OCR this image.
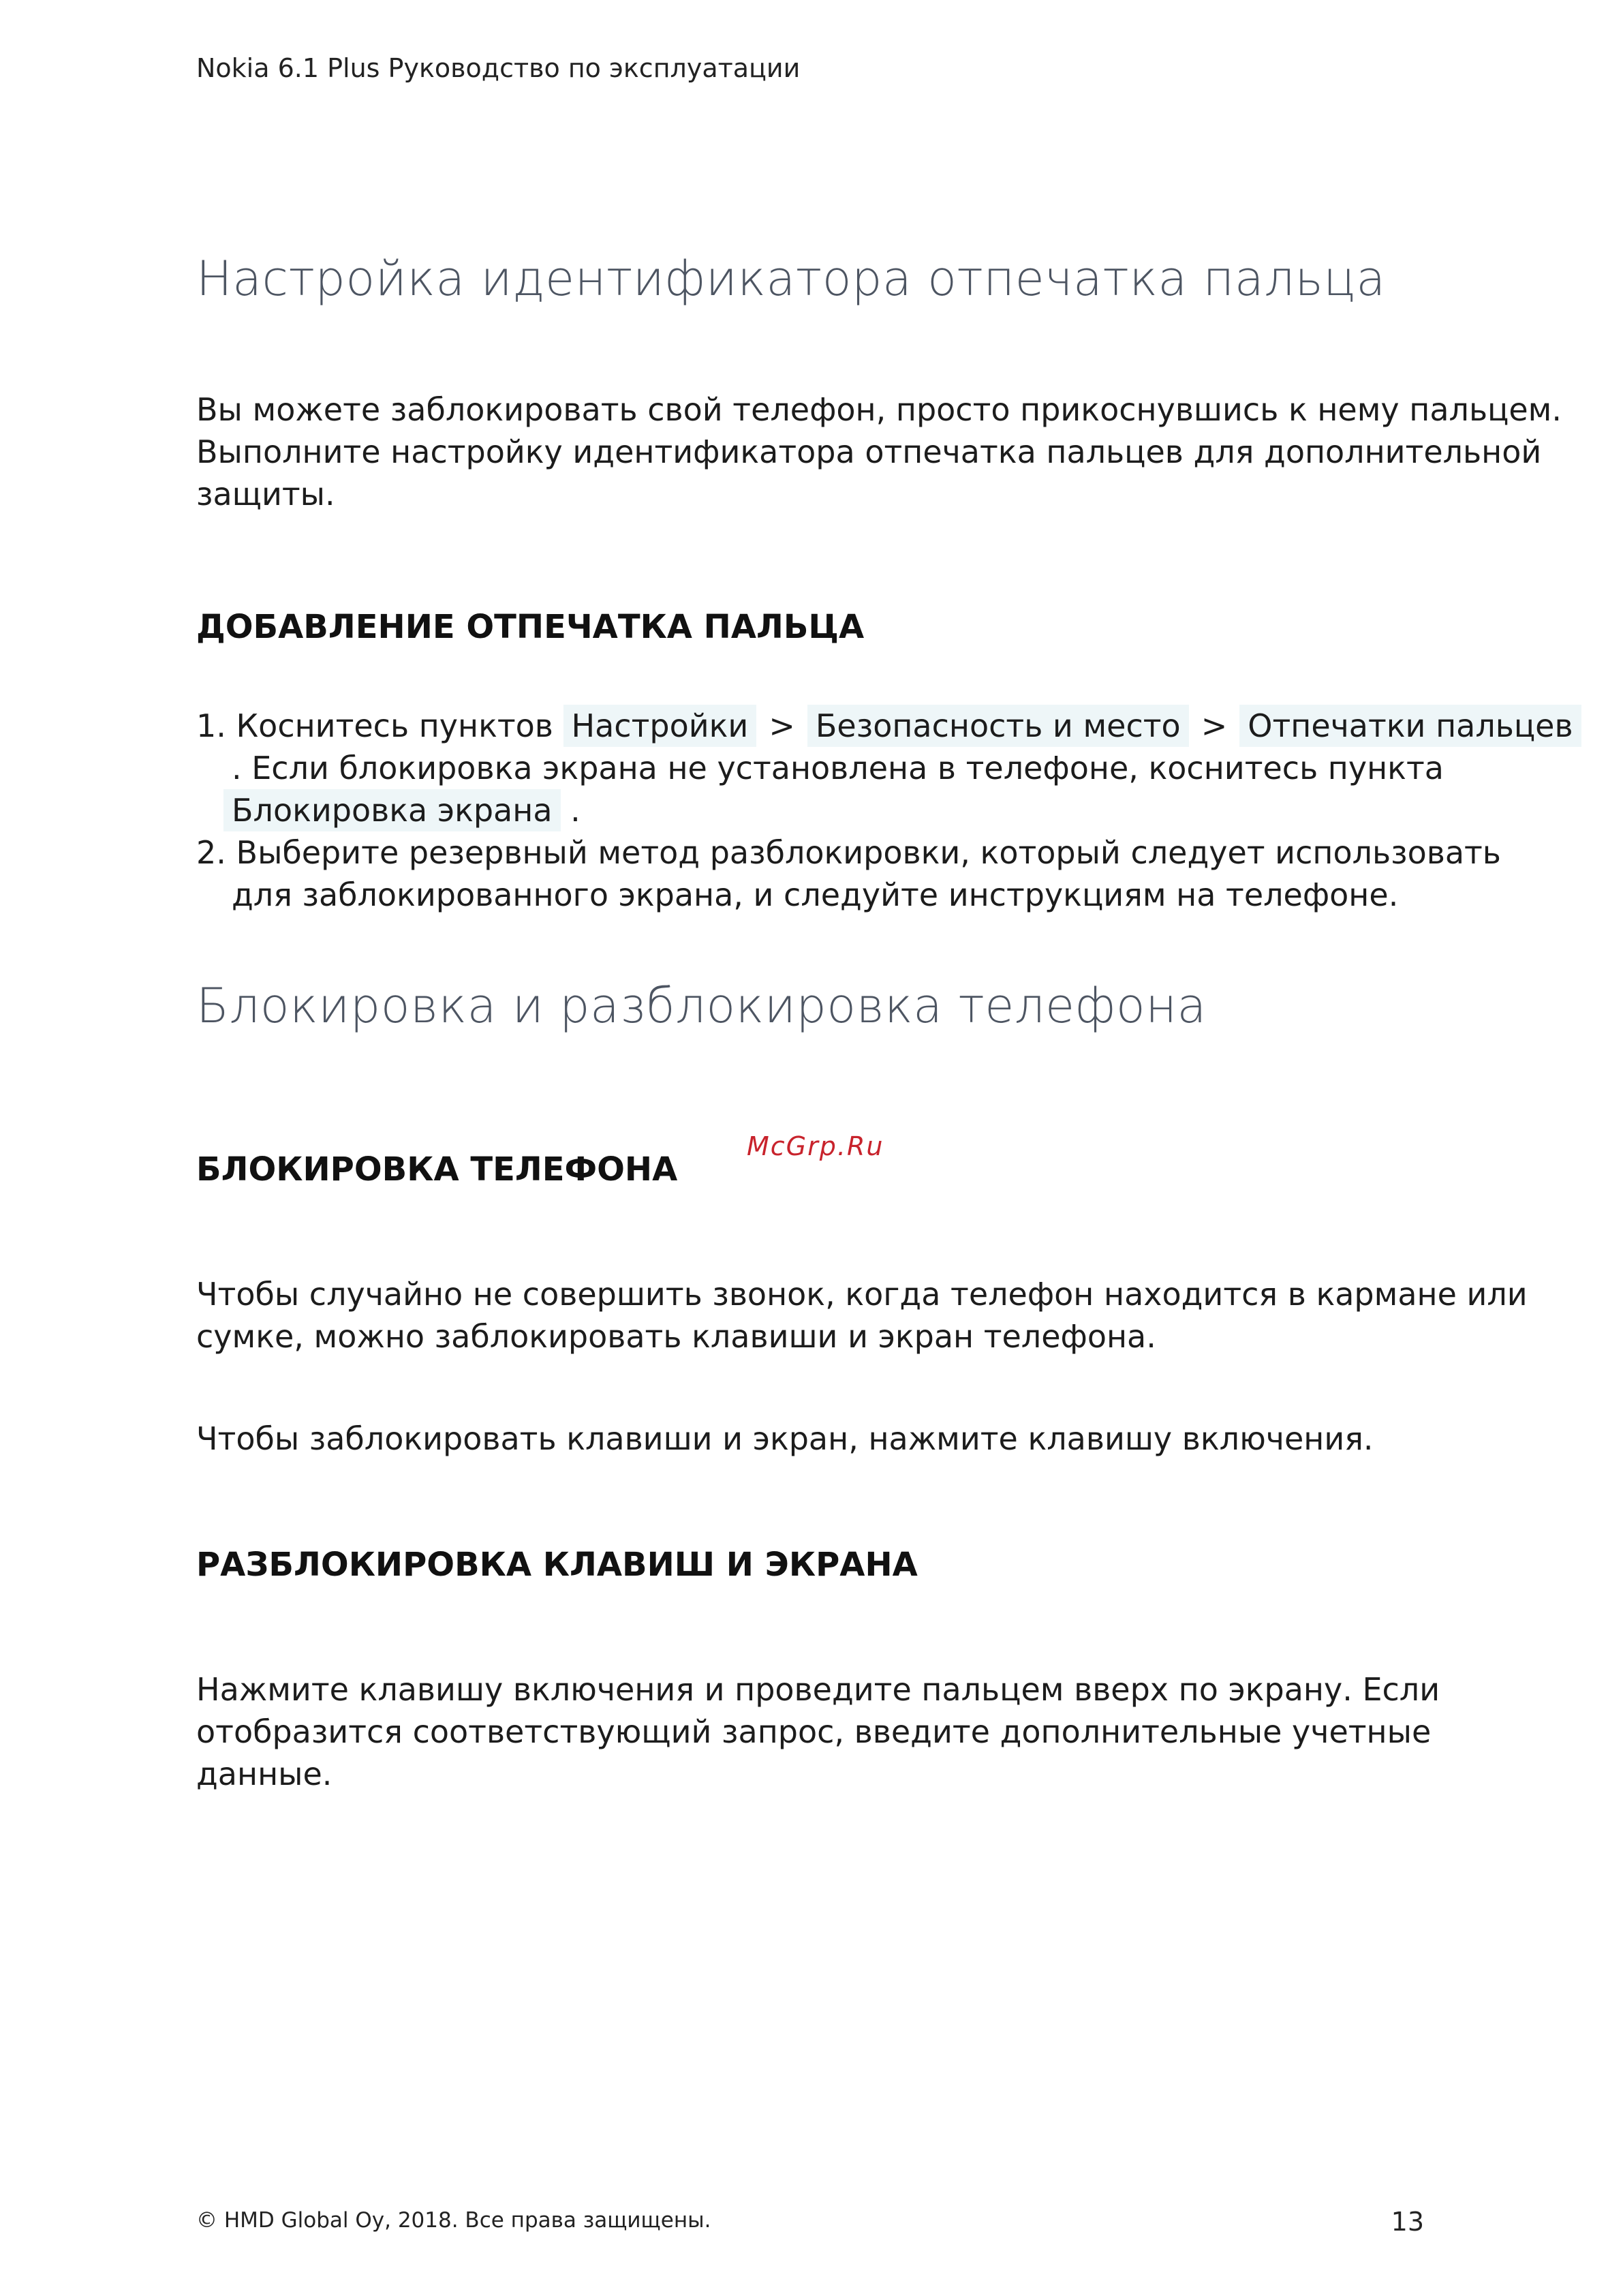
Nokia 6.1 Plus Руководство по эксплуатации
Настройка идентификатора отпечатка пальца
Вы можете заблокировать свой телефон, просто прикоснувшись к нему пальцем.
Выполните настройку идентификатора отпечатка пальцев для дополнительной
защиты.
ДОБАВЛЕНИЕ ОТПЕЧАТКА ПАЛЬЦА
1. Коснитесь пунктов Настройки > Безопасность и место > Отпечатки пальцев
. Если блокировка экрана не установлена в телефоне, коснитесь пункта
Блокировка экрана .
2. Выберите резервный метод разблокировки, который следует использовать
для заблокированного экрана, и следуйте инструкциям на телефоне.
Блокировка и разблокировка телефона
McGrp.Ru
БЛОКИРОВКА ТЕЛЕФОНА
Чтобы случайно не совершить звонок, когда телефон находится в кармане или
сумке, можно заблокировать клавиши и экран телефона.
Чтобы заблокировать клавиши и экран, нажмите клавишу включения.
РАЗБЛОКИРОВКА КЛАВИШ И ЭКРАНА
Нажмите клавишу включения и проведите пальцем вверх по экрану. Если
отобразится соответствующий запрос, введите дополнительные учетные
данные.
© HMD Global Oy, 2018. Все права защищены.	13
